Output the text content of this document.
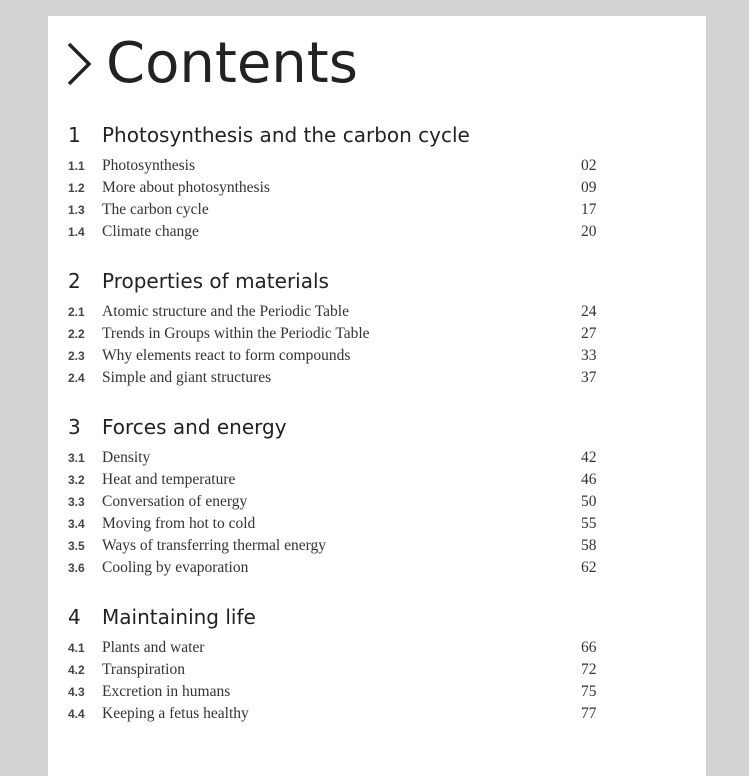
Contents
1	Photosynthesis and the carbon cycle
1.1	Photosynthesis	02
1.2	More about photosynthesis	09
1.3	The carbon cycle	17
1.4	Climate change	20
2	Properties of materials
2.1	Atomic structure and the Periodic Table	24
2.2	Trends in Groups within the Periodic Table	27
2.3	Why elements react to form compounds	33
2.4	Simple and giant structures	37
3	Forces and energy
3.1	Density	42
3.2	Heat and temperature	46
3.3	Conversation of energy	50
3.4	Moving from hot to cold	55
3.5	Ways of transferring thermal energy	58
3.6	Cooling by evaporation	62
4	Maintaining life
4.1	Plants and water	66
4.2	Transpiration	72
4.3	Excretion in humans	75
4.4	Keeping a fetus healthy	77
